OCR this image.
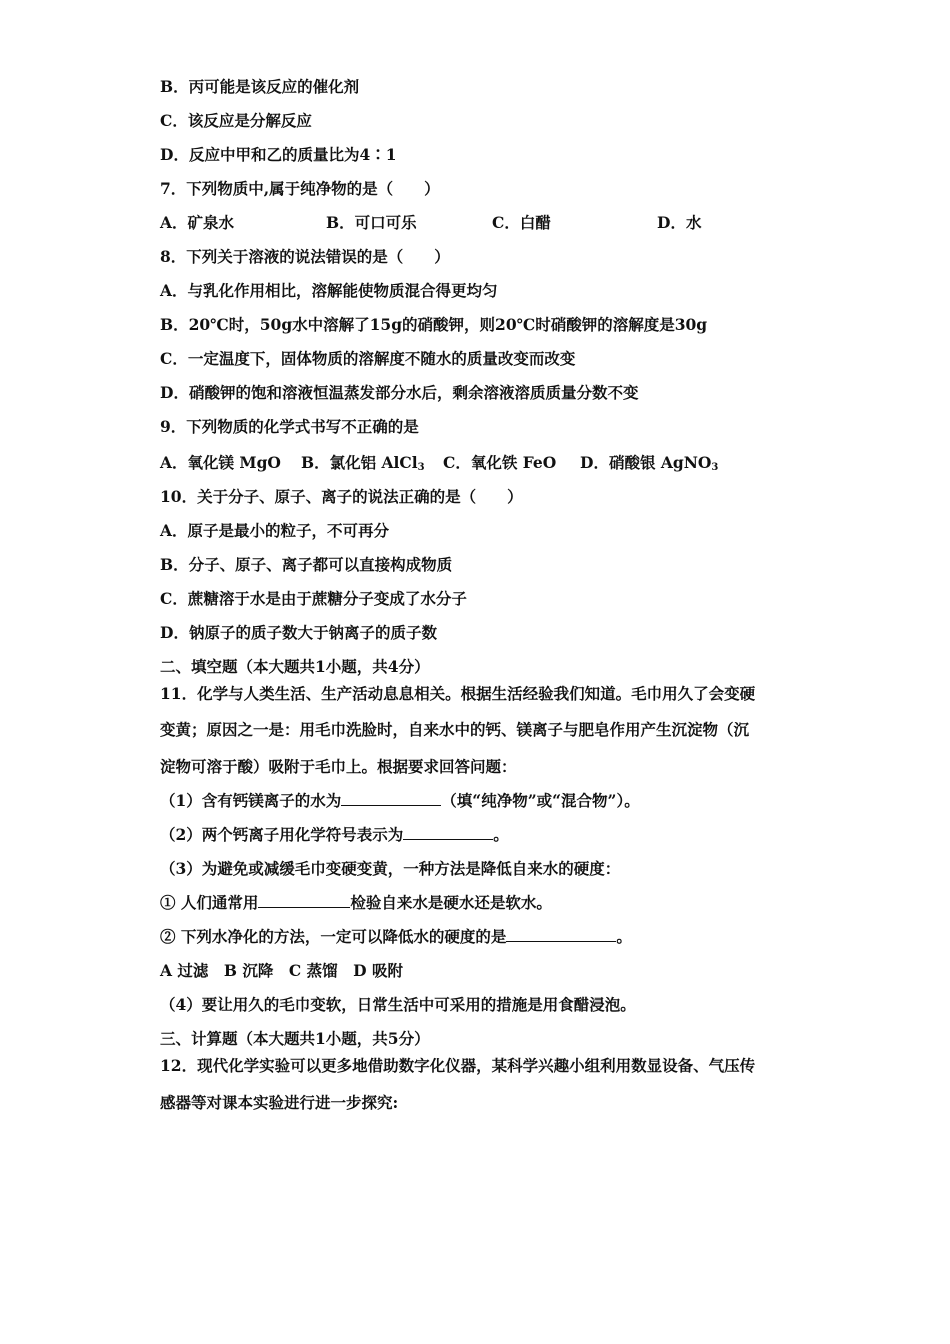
B．丙可能是该反应的催化剂
C．该反应是分解反应
D．反应中甲和乙的质量比为4∶1
7．下列物质中,属于纯净物的是（　　）
A．矿泉水	B．可口可乐	C．白醋	D．水
8．下列关于溶液的说法错误的是（　　）
A．与乳化作用相比，溶解能使物质混合得更均匀
B．20℃时，50g水中溶解了15g的硝酸钾，则20℃时硝酸钾的溶解度是30g
C．一定温度下，固体物质的溶解度不随水的质量改变而改变
D．硝酸钾的饱和溶液恒温蒸发部分水后，剩余溶液溶质质量分数不变
9．下列物质的化学式书写不正确的是
A．氧化镁 MgO B．氯化铝 AlCl$_3$ C．氧化铁 FeO D．硝酸银 AgNO$_3$
10．关于分子、原子、离子的说法正确的是（　　）
A．原子是最小的粒子，不可再分
B．分子、原子、离子都可以直接构成物质
C．蔗糖溶于水是由于蔗糖分子变成了水分子
D．钠原子的质子数大于钠离子的质子数
二、填空题（本大题共1小题，共4分）
11．化学与人类生活、生产活动息息相关。根据生活经验我们知道。毛巾用久了会变硬
变黄；原因之一是：用毛巾洗脸时，自来水中的钙、镁离子与肥皂作用产生沉淀物（沉
淀物可溶于酸）吸附于毛巾上。根据要求回答问题：
（1）含有钙镁离子的水为	（填“纯净物”或“混合物”）。
（2）两个钙离子用化学符号表示为	。
（3）为避免或减缓毛巾变硬变黄，一种方法是降低自来水的硬度：
① 人们通常用	检验自来水是硬水还是软水。
② 下列水净化的方法，一定可以降低水的硬度的是	。
A 过滤　B 沉降　C 蒸馏　D 吸附
（4）要让用久的毛巾变软，日常生活中可采用的措施是用食醋浸泡。
三、计算题（本大题共1小题，共5分）
12．现代化学实验可以更多地借助数字化仪器，某科学兴趣小组利用数显设备、气压传
感器等对课本实验进行进一步探究:
